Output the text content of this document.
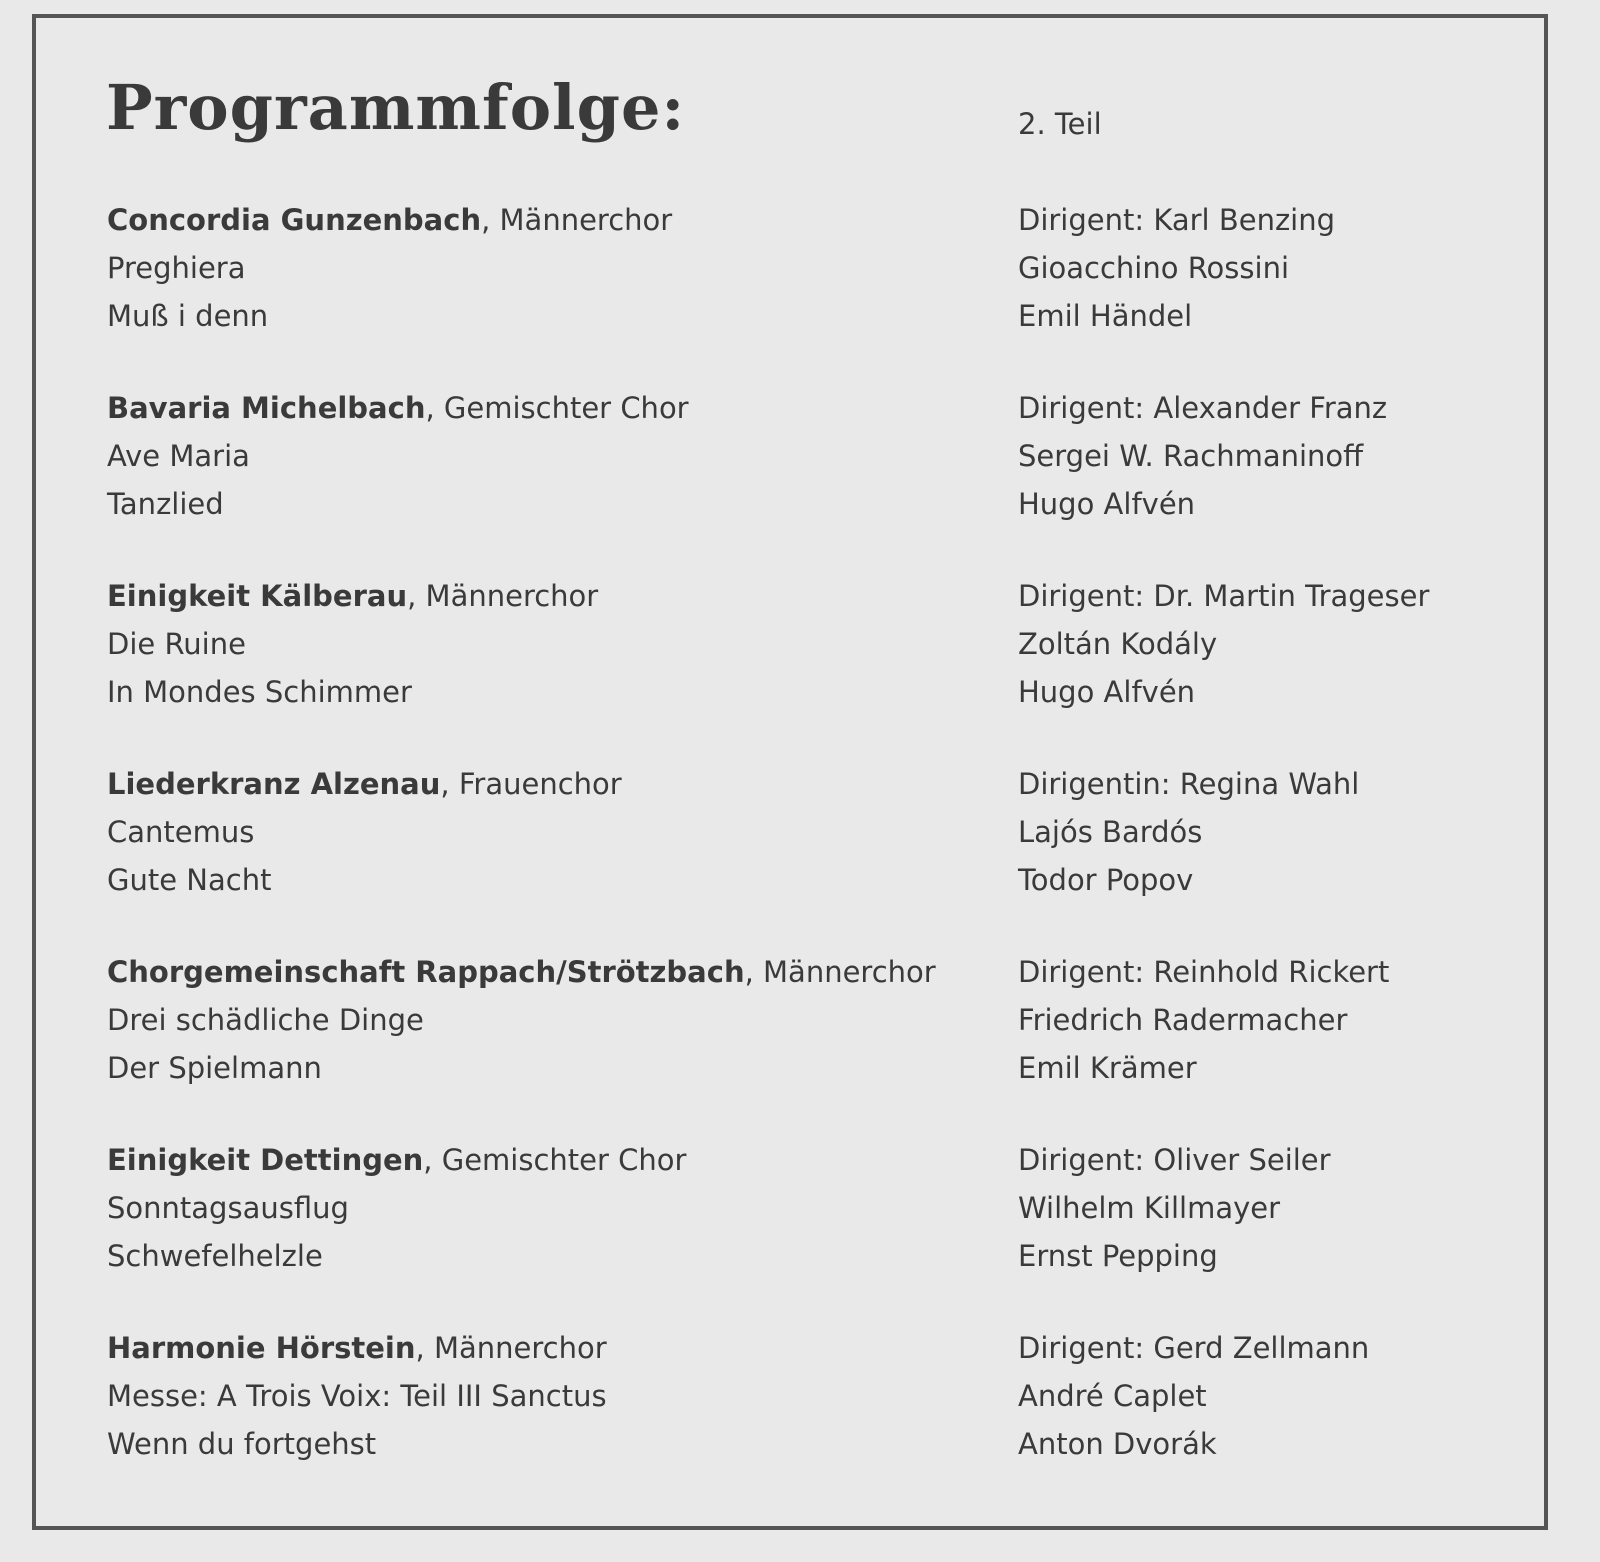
Programmfolge:	2. Teil
Concordia Gunzenbach, Männerchor
Preghiera
Muß i denn
Dirigent: Karl Benzing
Gioacchino Rossini
Emil Händel
Bavaria Michelbach, Gemischter Chor
Ave Maria
Tanzlied
Dirigent: Alexander Franz
Sergei W. Rachmaninoff
Hugo Alfvén
Einigkeit Kälberau, Männerchor
Die Ruine
In Mondes Schimmer
Dirigent: Dr. Martin Trageser
Zoltán Kodály
Hugo Alfvén
Liederkranz Alzenau, Frauenchor
Cantemus
Gute Nacht
Dirigentin: Regina Wahl
Lajós Bardós
Todor Popov
Chorgemeinschaft Rappach/Strötzbach, Männerchor
Drei schädliche Dinge
Der Spielmann
Dirigent: Reinhold Rickert
Friedrich Radermacher
Emil Krämer
Einigkeit Dettingen, Gemischter Chor
Sonntagsausflug
Schwefelhelzle
Dirigent: Oliver Seiler
Wilhelm Killmayer
Ernst Pepping
Harmonie Hörstein, Männerchor
Messe: A Trois Voix: Teil III Sanctus
Wenn du fortgehst
Dirigent: Gerd Zellmann
André Caplet
Anton Dvorák
